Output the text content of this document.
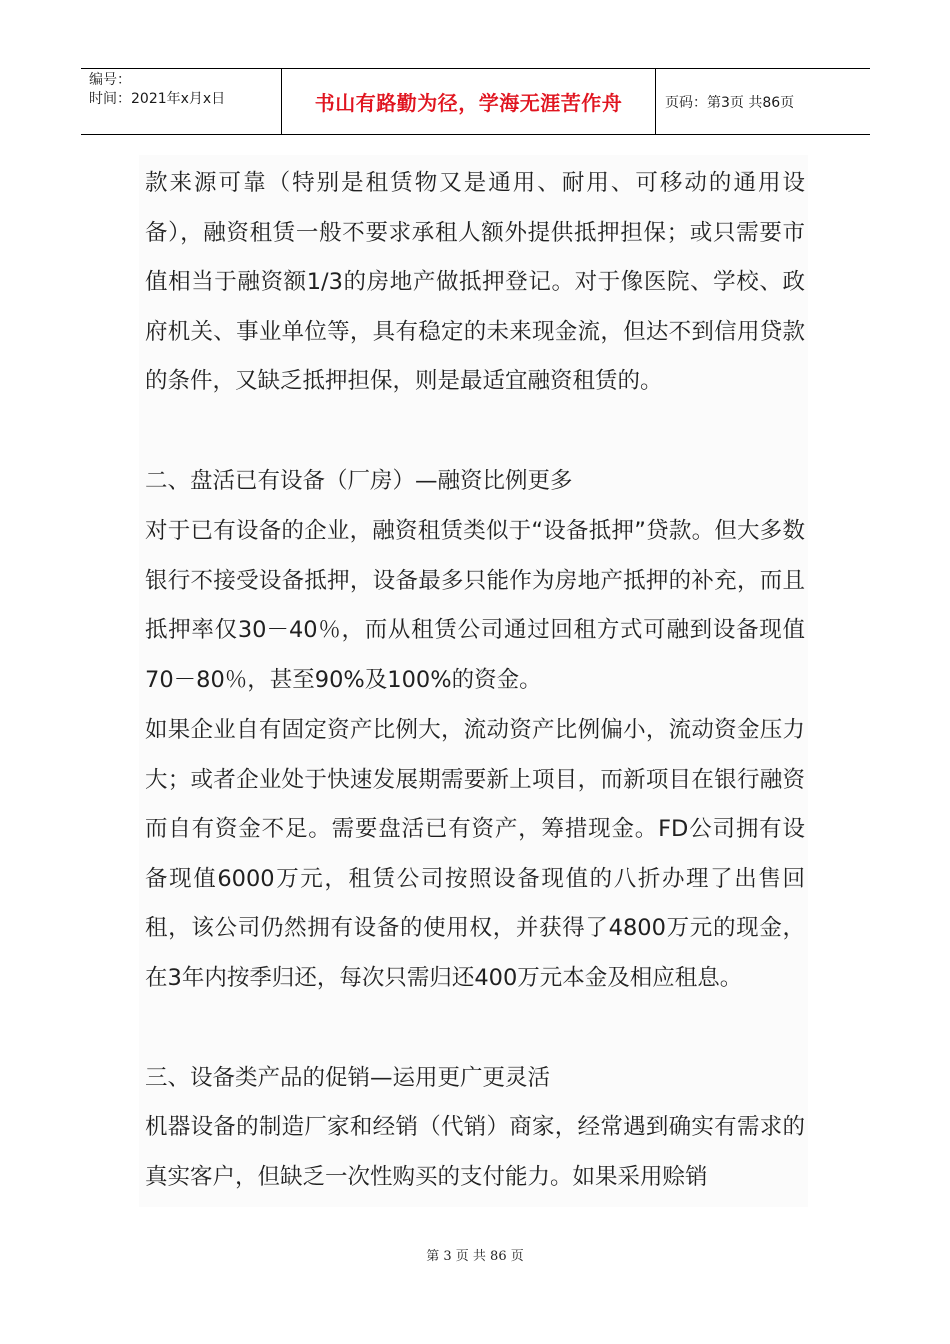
编号：
时间：2021年x月x日	书山有路勤为径，学海无涯苦作舟	页码：第3页 共86页

款来源可靠（特别是租赁物又是通用、耐用、可移动的通用设备），融资租赁一般不要求承租人额外提供抵押担保；或只需要市值相当于融资额1/3的房地产做抵押登记。对于像医院、学校、政府机关、事业单位等，具有稳定的未来现金流，但达不到信用贷款的条件，又缺乏抵押担保，则是最适宜融资租赁的。

二、盘活已有设备（厂房）—融资比例更多

对于已有设备的企业，融资租赁类似于“设备抵押”贷款。但大多数银行不接受设备抵押，设备最多只能作为房地产抵押的补充，而且抵押率仅30－40％，而从租赁公司通过回租方式可融到设备现值70－80％，甚至90%及100%的资金。

如果企业自有固定资产比例大，流动资产比例偏小，流动资金压力大；或者企业处于快速发展期需要新上项目，而新项目在银行融资而自有资金不足。需要盘活已有资产，筹措现金。FD公司拥有设备现值6000万元，租赁公司按照设备现值的八折办理了出售回租，该公司仍然拥有设备的使用权，并获得了4800万元的现金，在3年内按季归还，每次只需归还400万元本金及相应租息。

三、设备类产品的促销—运用更广更灵活

机器设备的制造厂家和经销（代销）商家，经常遇到确实有需求的真实客户，但缺乏一次性购买的支付能力。如果采用赊销

第 3 页 共 86 页
